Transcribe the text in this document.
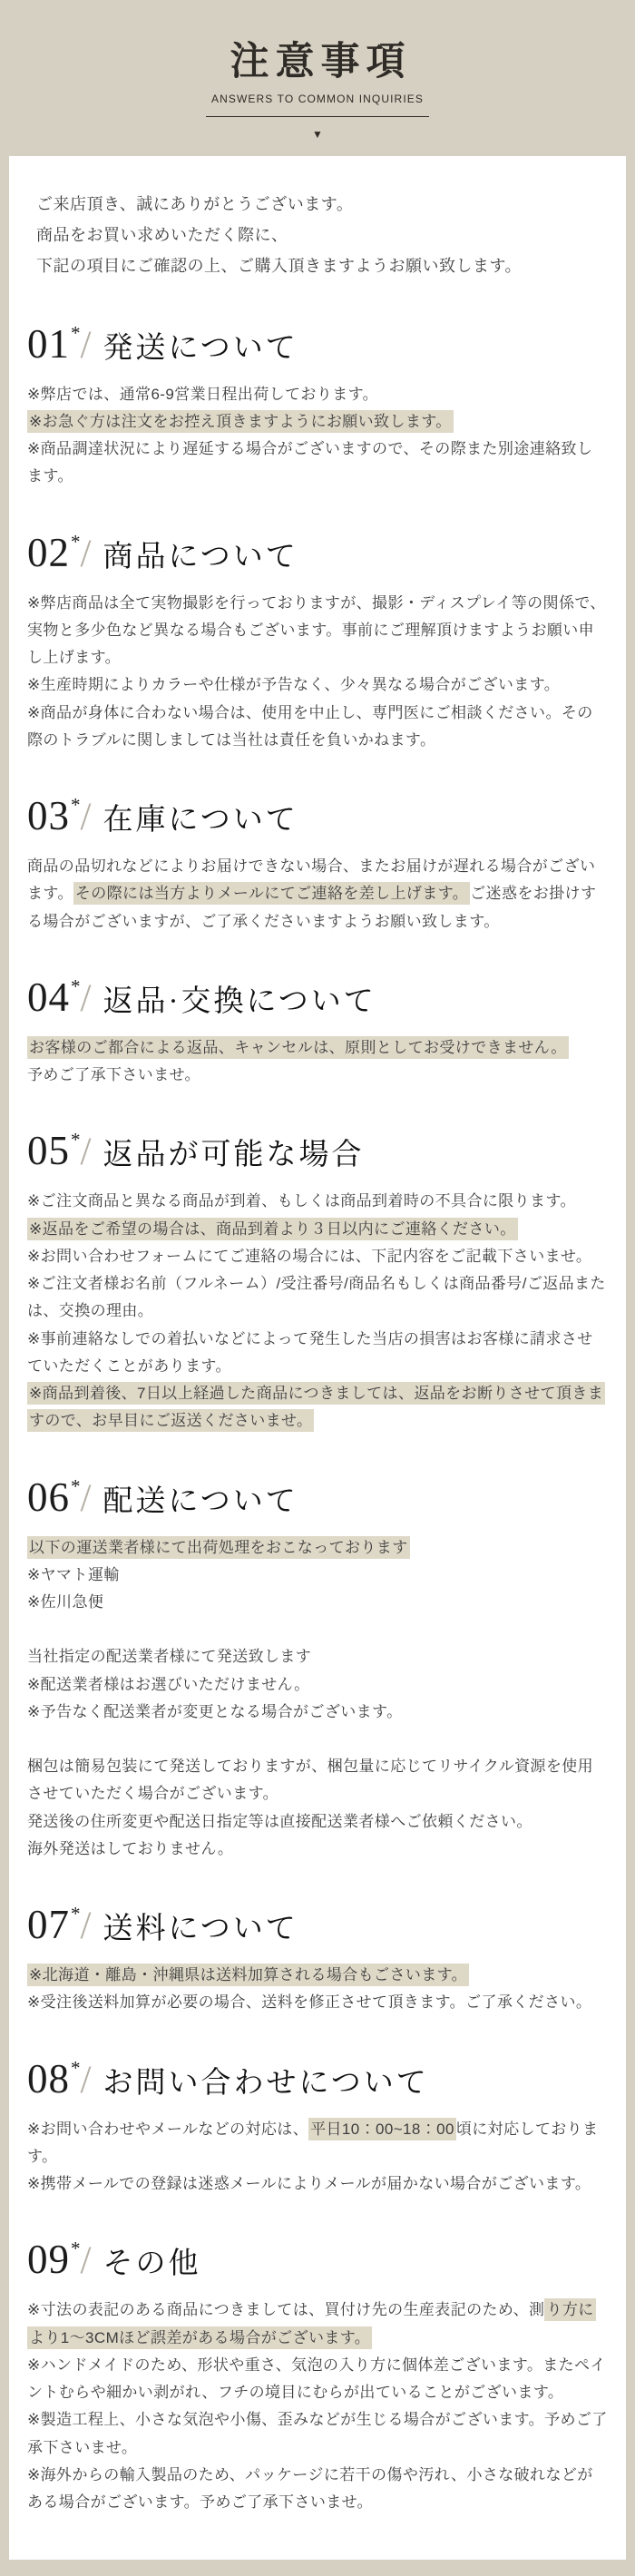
注意事項
ANSWERS TO COMMON INQUIRIES
▼
ご来店頂き、誠にありがとうございます。
商品をお買い求めいただく際に、
下記の項目にご確認の上、ご購入頂きますようお願い致します。
01*/ 発送について

※弊店では、通常6-9営業日程出荷しております。

※お急ぐ方は注文をお控え頂きますようにお願い致します。

※商品調達状況により遅延する場合がございますので、その際また別途連絡致します。

02*/ 商品について

※弊店商品は全て実物撮影を行っておりますが、撮影・ディスプレイ等の関係で、実物と多少色など異なる場合もございます。事前にご理解頂けますようお願い申し上げます。

※生産時期によりカラーや仕様が予告なく、少々異なる場合がございます。

※商品が身体に合わない場合は、使用を中止し、専門医にご相談ください。その際のトラブルに関しましては当社は責任を負いかねます。

03*/ 在庫について

商品の品切れなどによりお届けできない場合、またお届けが遅れる場合がございます。 その際には当方よりメールにてご連絡を差し上げます。 ご迷惑をお掛けする場合がございますが、ご了承くださいますようお願い致します。

04*/ 返品·交換について

お客様のご都合による返品、キャンセルは、原則としてお受けできません。

予めご了承下さいませ。

05*/ 返品が可能な場合

※ご注文商品と異なる商品が到着、もしくは商品到着時の不具合に限ります。

※返品をご希望の場合は、商品到着より３日以内にご連絡ください。

※お問い合わせフォームにてご連絡の場合には、下記内容をご記載下さいませ。

※ご注文者様お名前（フルネーム）/受注番号/商品名もしくは商品番号/ご返品または、交換の理由。

※事前連絡なしでの着払いなどによって発生した当店の損害はお客様に請求させていただくことがあります。

※商品到着後、7日以上経過した商品につきましては、返品をお断りさせて頂きますので、お早目にご返送くださいませ。

06*/ 配送について

以下の運送業者様にて出荷処理をおこなっております

※ヤマト運輸

※佐川急便

当社指定の配送業者様にて発送致します

※配送業者様はお選びいただけません。

※予告なく配送業者が変更となる場合がございます。

梱包は簡易包装にて発送しておりますが、梱包量に応じてリサイクル資源を使用させていただく場合がございます。

発送後の住所変更や配送日指定等は直接配送業者様へご依頼ください。

海外発送はしておりません。

07*/ 送料について

※北海道・離島・沖縄県は送料加算される場合もごさいます。

※受注後送料加算が必要の場合、送料を修正させて頂きます。ご了承ください。

08*/ お問い合わせについて

※お問い合わせやメールなどの対応は、 平日10：00~18：00 頃に対応しております。

※携帯メールでの登録は迷惑メールによりメールが届かない場合がございます。

09*/ その他

※寸法の表記のある商品につきましては、買付け先の生産表記のため、測 り方により1～3CMほど誤差がある場合がございます。

※ハンドメイドのため、形状や重さ、気泡の入り方に個体差ございます。またペイントむらや細かい剥がれ、フチの境目にむらが出ていることがございます。

※製造工程上、小さな気泡や小傷、歪みなどが生じる場合がございます。予めご了承下さいませ。

※海外からの輸入製品のため、パッケージに若干の傷や汚れ、小さな破れなどがある場合がございます。予めご了承下さいませ。
